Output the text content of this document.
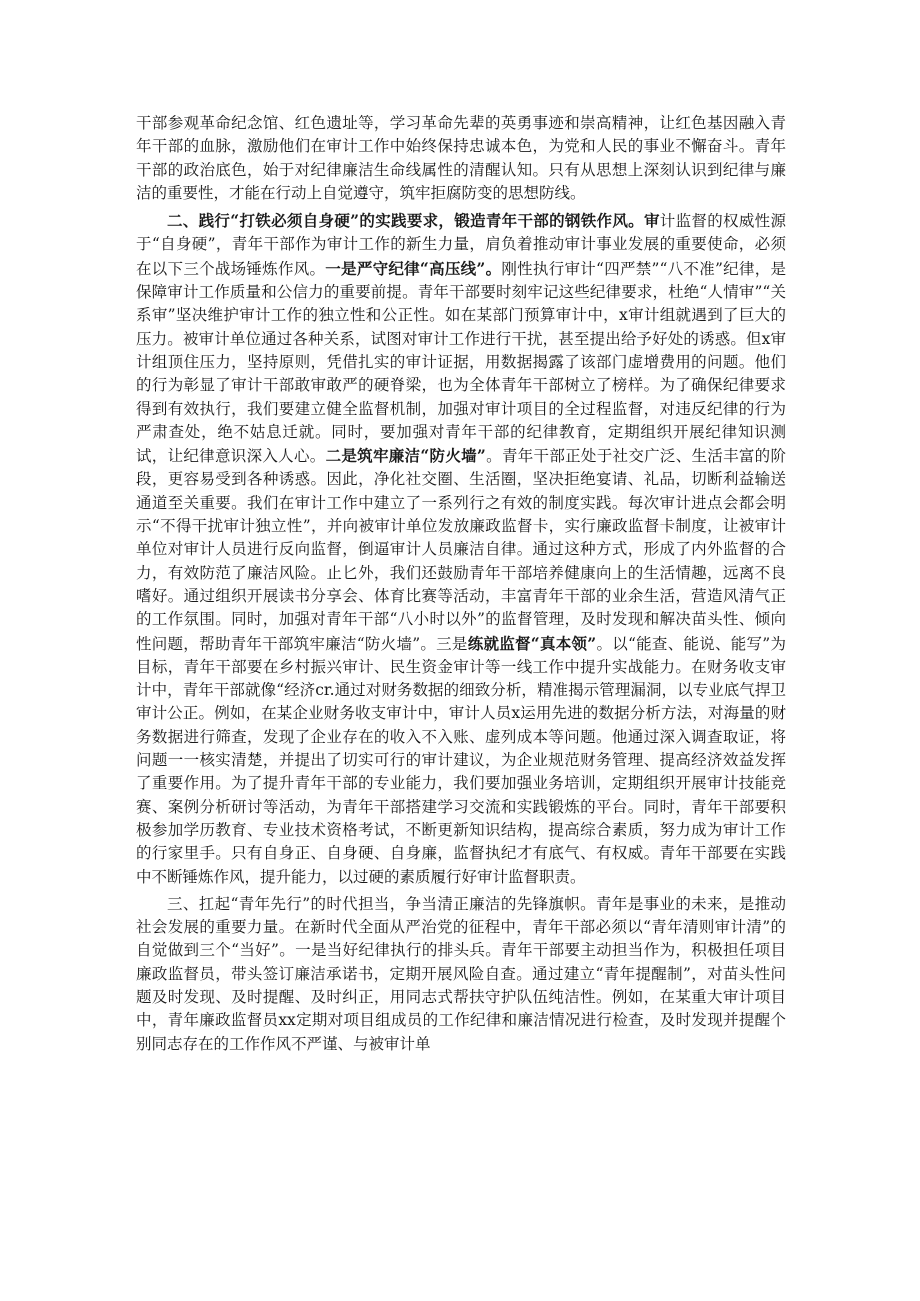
干部参观革命纪念馆、红色遗址等，学习革命先辈的英勇事迹和崇高精神，让红色基因融入青年干部的血脉，激励他们在审计工作中始终保持忠诚本色，为党和人民的事业不懈奋斗。青年干部的政治底色，始于对纪律廉洁生命线属性的清醒认知。只有从思想上深刻认识到纪律与廉洁的重要性，才能在行动上自觉遵守，筑牢拒腐防变的思想防线。

二、践行“打铁必须自身硬”的实践要求，锻造青年干部的钢铁作风。审计监督的权威性源于“自身硬”，青年干部作为审计工作的新生力量，肩负着推动审计事业发展的重要使命，必须在以下三个战场锤炼作风。一是严守纪律“高压线”。刚性执行审计“四严禁”“八不准”纪律，是保障审计工作质量和公信力的重要前提。青年干部要时刻牢记这些纪律要求，杜绝“人情审”“关系审”坚决维护审计工作的独立性和公正性。如在某部门预算审计中，x审计组就遇到了巨大的压力。被审计单位通过各种关系，试图对审计工作进行干扰，甚至提出给予好处的诱惑。但x审计组顶住压力，坚持原则，凭借扎实的审计证据，用数据揭露了该部门虚增费用的问题。他们的行为彰显了审计干部敢审敢严的硬脊梁，也为全体青年干部树立了榜样。为了确保纪律要求得到有效执行，我们要建立健全监督机制，加强对审计项目的全过程监督，对违反纪律的行为严肃查处，绝不姑息迁就。同时，要加强对青年干部的纪律教育，定期组织开展纪律知识测试，让纪律意识深入人心。二是筑牢廉洁“防火墙”。青年干部正处于社交广泛、生活丰富的阶段，更容易受到各种诱惑。因此，净化社交圈、生活圈，坚决拒绝宴请、礼品，切断利益输送通道至关重要。我们在审计工作中建立了一系列行之有效的制度实践。每次审计进点会都会明示“不得干扰审计独立性”，并向被审计单位发放廉政监督卡，实行廉政监督卡制度，让被审计单位对审计人员进行反向监督，倒逼审计人员廉洁自律。通过这种方式，形成了内外监督的合力，有效防范了廉洁风险。止匕外，我们还鼓励青年干部培养健康向上的生活情趣，远离不良嗜好。通过组织开展读书分享会、体育比赛等活动，丰富青年干部的业余生活，营造风清气正的工作氛围。同时，加强对青年干部“八小时以外”的监督管理，及时发现和解决苗头性、倾向性问题，帮助青年干部筑牢廉洁“防火墙”。三是练就监督“真本领”。以“能查、能说、能写”为目标，青年干部要在乡村振兴审计、民生资金审计等一线工作中提升实战能力。在财务收支审计中，青年干部就像“经济cr.通过对财务数据的细致分析，精准揭示管理漏洞，以专业底气捍卫审计公正。例如，在某企业财务收支审计中，审计人员x运用先进的数据分析方法，对海量的财务数据进行筛查，发现了企业存在的收入不入账、虚列成本等问题。他通过深入调查取证，将问题一一核实清楚，并提出了切实可行的审计建议，为企业规范财务管理、提高经济效益发挥了重要作用。为了提升青年干部的专业能力，我们要加强业务培训，定期组织开展审计技能竞赛、案例分析研讨等活动，为青年干部搭建学习交流和实践锻炼的平台。同时，青年干部要积极参加学历教育、专业技术资格考试，不断更新知识结构，提高综合素质，努力成为审计工作的行家里手。只有自身正、自身硬、自身廉，监督执纪才有底气、有权威。青年干部要在实践中不断锤炼作风，提升能力，以过硬的素质履行好审计监督职责。

三、扛起“青年先行”的时代担当，争当清正廉洁的先锋旗帜。青年是事业的未来，是推动社会发展的重要力量。在新时代全面从严治党的征程中，青年干部必须以“青年清则审计清”的自觉做到三个“当好”。一是当好纪律执行的排头兵。青年干部要主动担当作为，积极担任项目廉政监督员，带头签订廉洁承诺书，定期开展风险自查。通过建立“青年提醒制”，对苗头性问题及时发现、及时提醒、及时纠正，用同志式帮扶守护队伍纯洁性。例如，在某重大审计项目中，青年廉政监督员xx定期对项目组成员的工作纪律和廉洁情况进行检查，及时发现并提醒个别同志存在的工作作风不严谨、与被审计单
